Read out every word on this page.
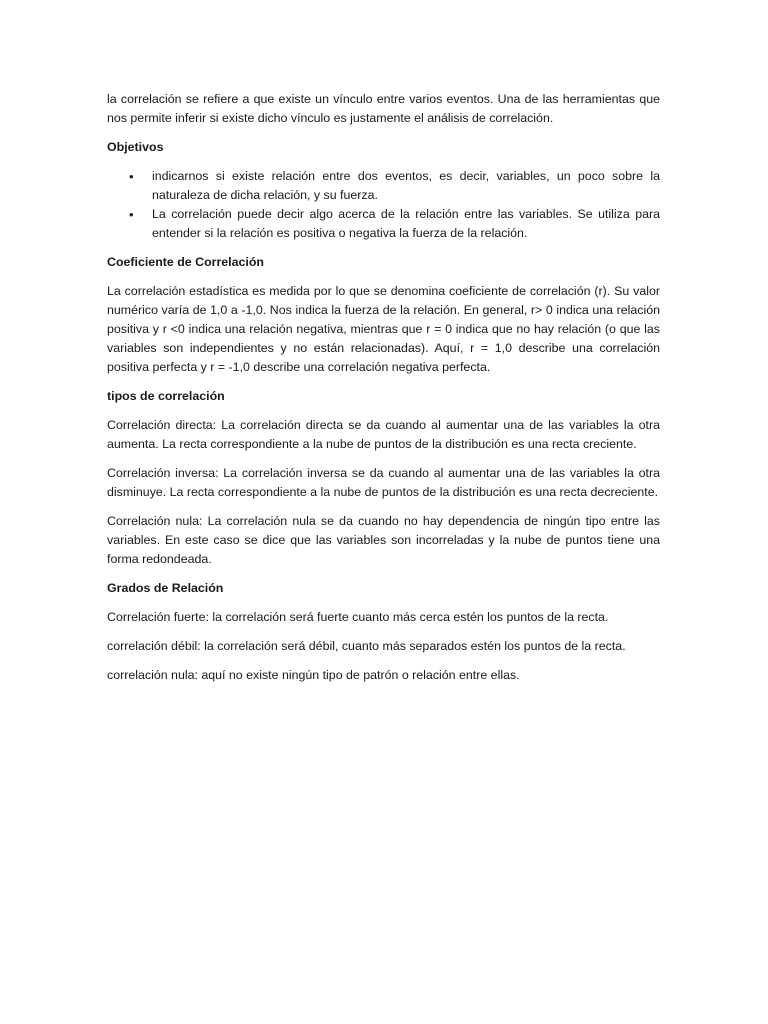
la correlación se refiere a que existe un vínculo entre varios eventos. Una de las herramientas que nos permite inferir si existe dicho vínculo es justamente el análisis de correlación.

Objetivos
• indicarnos si existe relación entre dos eventos, es decir, variables, un poco sobre la naturaleza de dicha relación, y su fuerza.
• La correlación puede decir algo acerca de la relación entre las variables. Se utiliza para entender si la relación es positiva o negativa la fuerza de la relación.
Coeficiente de Correlación

La correlación estadística es medida por lo que se denomina coeficiente de correlación (r). Su valor numérico varía de 1,0 a -1,0. Nos indica la fuerza de la relación. En general, r> 0 indica una relación positiva y r <0 indica una relación negativa, mientras que r = 0 indica que no hay relación (o que las variables son independientes y no están relacionadas). Aquí, r = 1,0 describe una correlación positiva perfecta y r = -1,0 describe una correlación negativa perfecta.

tipos de correlación

Correlación directa: La correlación directa se da cuando al aumentar una de las variables la otra aumenta. La recta correspondiente a la nube de puntos de la distribución es una recta creciente.

Correlación inversa: La correlación inversa se da cuando al aumentar una de las variables la otra disminuye. La recta correspondiente a la nube de puntos de la distribución es una recta decreciente.

Correlación nula: La correlación nula se da cuando no hay dependencia de ningún tipo entre las variables. En este caso se dice que las variables son incorreladas y la nube de puntos tiene una forma redondeada.

Grados de Relación

Correlación fuerte: la correlación será fuerte cuanto más cerca estén los puntos de la recta.

correlación débil: la correlación será débil, cuanto más separados estén los puntos de la recta.

correlación nula: aquí no existe ningún tipo de patrón o relación entre ellas.
